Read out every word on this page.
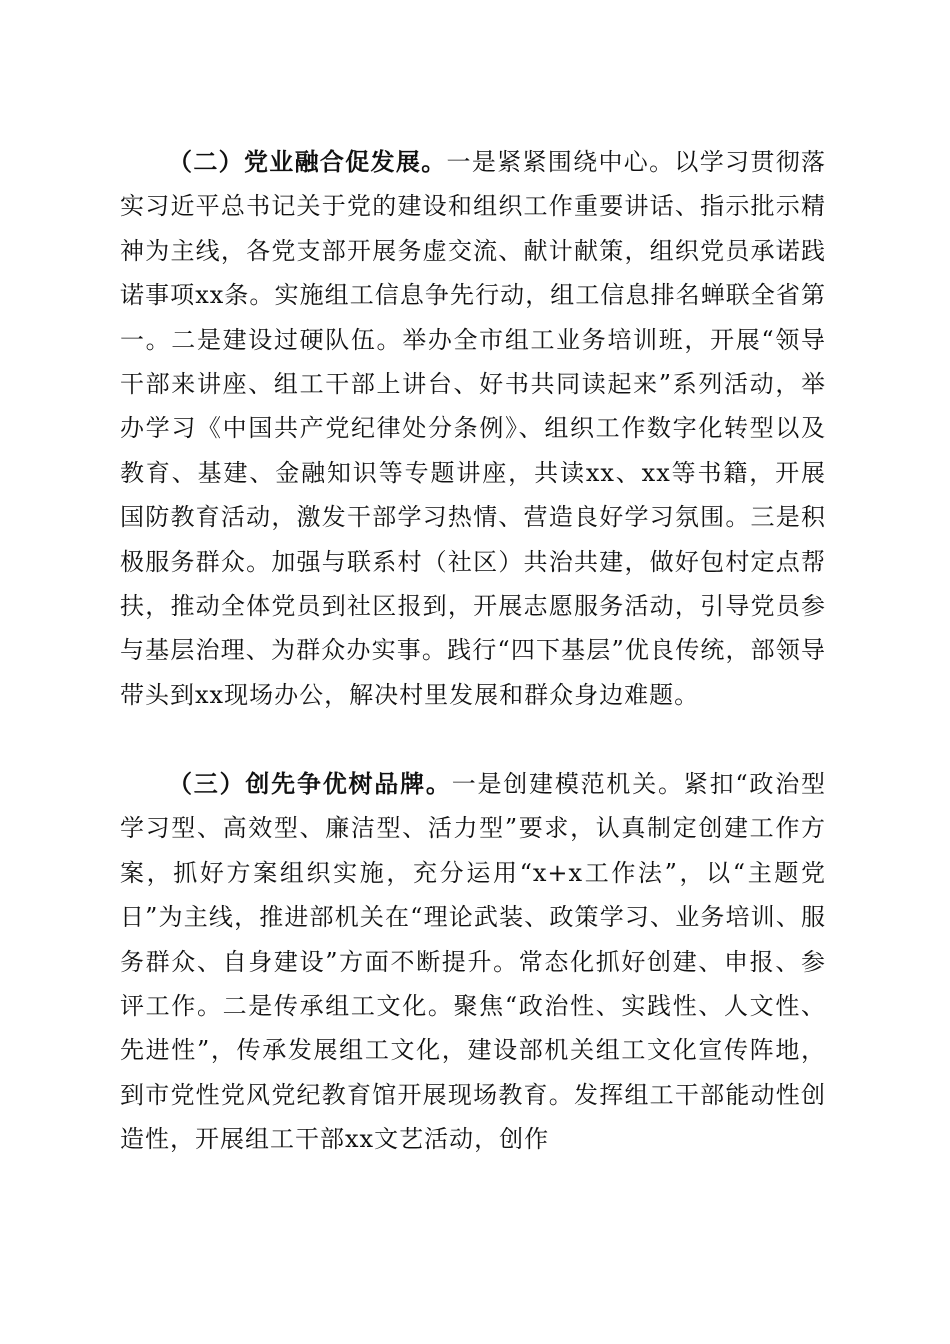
（二）党业融合促发展。一是紧紧围绕中心。以学习贯彻落实习近平总书记关于党的建设和组织工作重要讲话、指示批示精神为主线，各党支部开展务虚交流、献计献策，组织党员承诺践诺事项xx条。实施组工信息争先行动，组工信息排名蝉联全省第一。二是建设过硬队伍。举办全市组工业务培训班，开展“领导干部来讲座、组工干部上讲台、好书共同读起来”系列活动，举办学习《中国共产党纪律处分条例》、组织工作数字化转型以及教育、基建、金融知识等专题讲座，共读xx、xx等书籍，开展国防教育活动，激发干部学习热情、营造良好学习氛围。三是积极服务群众。加强与联系村（社区）共治共建，做好包村定点帮扶，推动全体党员到社区报到，开展志愿服务活动，引导党员参与基层治理、为群众办实事。践行“四下基层”优良传统，部领导带头到xx现场办公，解决村里发展和群众身边难题。

（三）创先争优树品牌。一是创建模范机关。紧扣“政治型学习型、高效型、廉洁型、活力型”要求，认真制定创建工作方案，抓好方案组织实施，充分运用“x+x工作法”，以“主题党日”为主线，推进部机关在“理论武装、政策学习、业务培训、服务群众、自身建设”方面不断提升。常态化抓好创建、申报、参评工作。二是传承组工文化。聚焦“政治性、实践性、人文性、先进性”，传承发展组工文化，建设部机关组工文化宣传阵地，到市党性党风党纪教育馆开展现场教育。发挥组工干部能动性创造性，开展组工干部xx文艺活动，创作
